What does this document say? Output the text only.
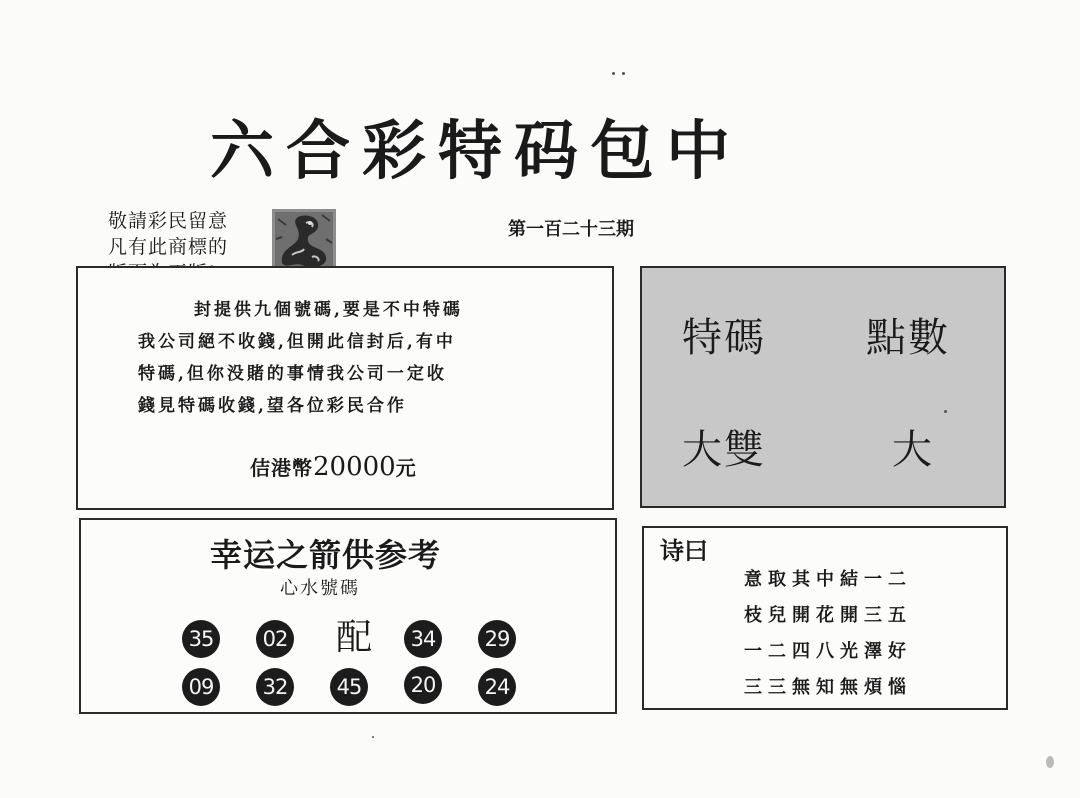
六合彩特码包中
敬請彩民留意
凡有此商標的
第一百二十三期
封提供九個號碼,要是不中特碼
我公司絕不收錢,但開此信封后,有中
特碼,但你没賭的事情我公司一定收
錢見特碼收錢,望各位彩民合作
佶港幣20000元
特碼	點數
大雙	大
幸运之箭供参考
心水號碼
35	02 配	34	29
09	32	45	20	24
诗曰
意取其中結一二
枝兒開花開三五
一二四八光澤好
三三無知無煩惱
